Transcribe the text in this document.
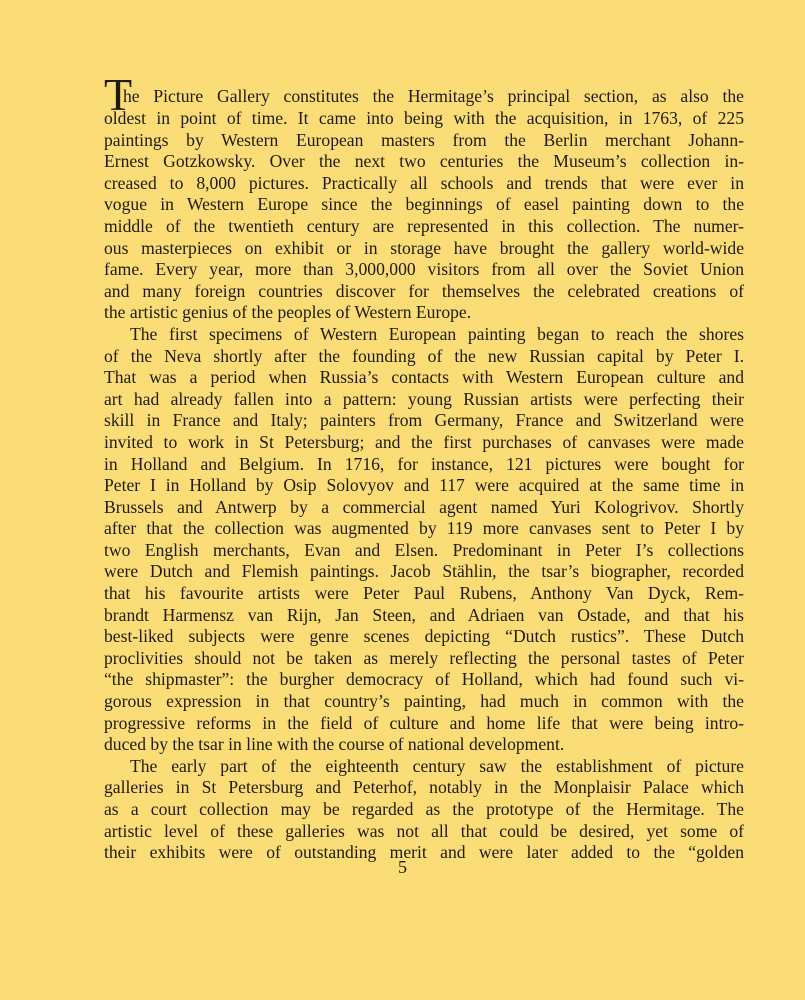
T
he Picture Gallery constitutes the Hermitage’s principal section, as also the
oldest in point of time. It came into being with the acquisition, in 1763, of 225
paintings by Western European masters from the Berlin merchant Johann-
Ernest Gotzkowsky. Over the next two centuries the Museum’s collection in-
creased to 8,000 pictures. Practically all schools and trends that were ever in
vogue in Western Europe since the beginnings of easel painting down to the
middle of the twentieth century are represented in this collection. The numer-
ous masterpieces on exhibit or in storage have brought the gallery world-wide
fame. Every year, more than 3,000,000 visitors from all over the Soviet Union
and many foreign countries discover for themselves the celebrated creations of
the artistic genius of the peoples of Western Europe.
The first specimens of Western European painting began to reach the shores
of the Neva shortly after the founding of the new Russian capital by Peter I.
That was a period when Russia’s contacts with Western European culture and
art had already fallen into a pattern: young Russian artists were perfecting their
skill in France and Italy; painters from Germany, France and Switzerland were
invited to work in St Petersburg; and the first purchases of canvases were made
in Holland and Belgium. In 1716, for instance, 121 pictures were bought for
Peter I in Holland by Osip Solovyov and 117 were acquired at the same time in
Brussels and Antwerp by a commercial agent named Yuri Kologrivov. Shortly
after that the collection was augmented by 119 more canvases sent to Peter I by
two English merchants, Evan and Elsen. Predominant in Peter I’s collections
were Dutch and Flemish paintings. Jacob Stählin, the tsar’s biographer, recorded
that his favourite artists were Peter Paul Rubens, Anthony Van Dyck, Rem-
brandt Harmensz van Rijn, Jan Steen, and Adriaen van Ostade, and that his
best-liked subjects were genre scenes depicting “Dutch rustics”. These Dutch
proclivities should not be taken as merely reflecting the personal tastes of Peter
“the shipmaster”: the burgher democracy of Holland, which had found such vi-
gorous expression in that country’s painting, had much in common with the
progressive reforms in the field of culture and home life that were being intro-
duced by the tsar in line with the course of national development.
The early part of the eighteenth century saw the establishment of picture
galleries in St Petersburg and Peterhof, notably in the Monplaisir Palace which
as a court collection may be regarded as the prototype of the Hermitage. The
artistic level of these galleries was not all that could be desired, yet some of
their exhibits were of outstanding merit and were later added to the “golden
5
